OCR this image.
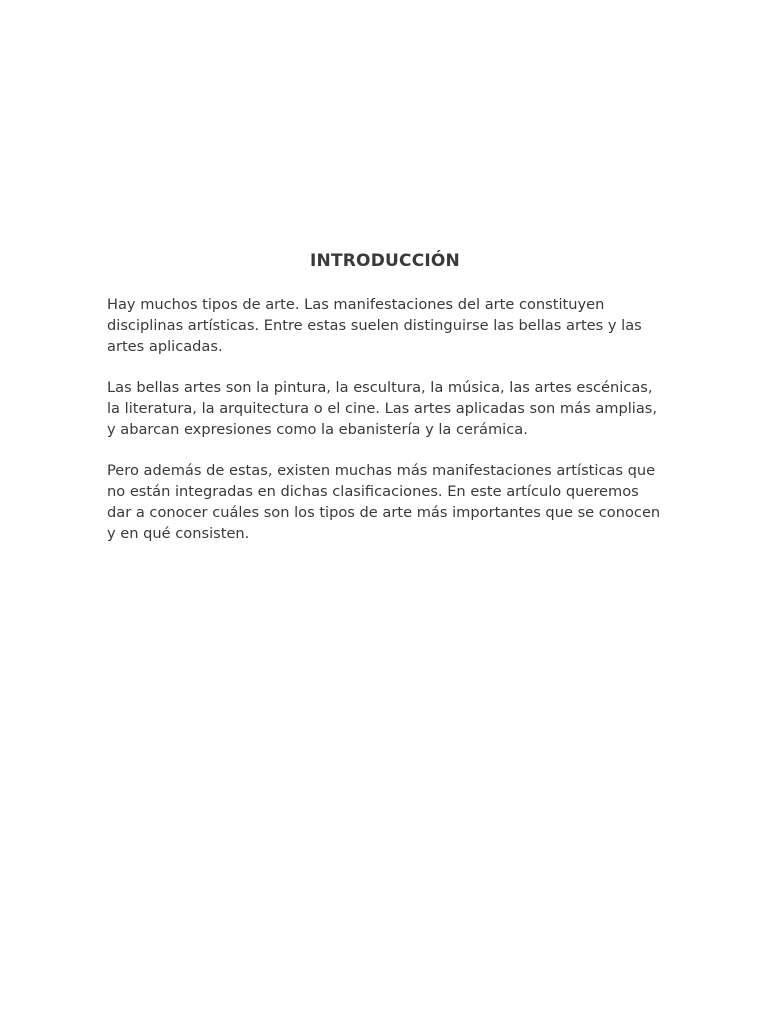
INTRODUCCIÓN

Hay muchos tipos de arte. Las manifestaciones del arte constituyen disciplinas artísticas. Entre estas suelen distinguirse las bellas artes y las artes aplicadas.

Las bellas artes son la pintura, la escultura, la música, las artes escénicas, la literatura, la arquitectura o el cine. Las artes aplicadas son más amplias, y abarcan expresiones como la ebanistería y la cerámica.

Pero además de estas, existen muchas más manifestaciones artísticas que no están integradas en dichas clasificaciones. En este artículo queremos dar a conocer cuáles son los tipos de arte más importantes que se conocen y en qué consisten.
